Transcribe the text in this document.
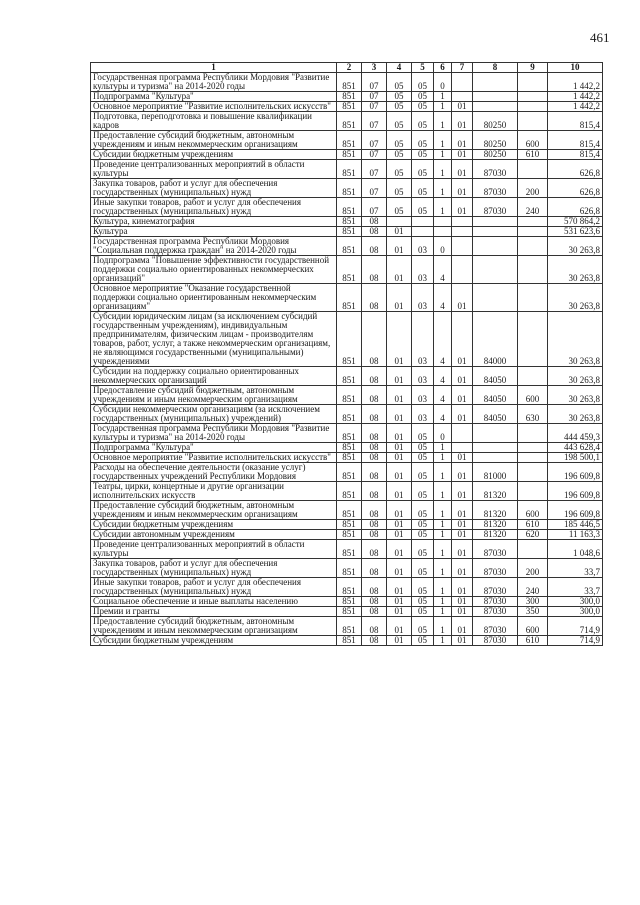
461
1	2	3	4	5	6	7	8	9	10
Государственная программа Республики Мордовия "Развитие культуры и туризма" на 2014-2020 годы	851	07	05	05	0				1 442,2
Подпрограмма "Культура"	851	07	05	05	1				1 442,2
Основное мероприятие "Развитие исполнительских искусств"	851	07	05	05	1	01			1 442,2
Подготовка, переподготовка и повышение квалификации кадров	851	07	05	05	1	01	80250		815,4
Предоставление субсидий бюджетным, автономным учреждениям и иным некоммерческим организациям	851	07	05	05	1	01	80250	600	815,4
Субсидии бюджетным учреждениям	851	07	05	05	1	01	80250	610	815,4
Проведение централизованных мероприятий в области культуры	851	07	05	05	1	01	87030		626,8
Закупка товаров, работ и услуг для обеспечения государственных (муниципальных) нужд	851	07	05	05	1	01	87030	200	626,8
Иные закупки товаров, работ и услуг для обеспечения государственных (муниципальных) нужд	851	07	05	05	1	01	87030	240	626,8
Культура, кинематография	851	08							570 864,2
Культура	851	08	01						531 623,6
Государственная программа Республики Мордовия "Социальная поддержка граждан" на 2014-2020 годы	851	08	01	03	0				30 263,8
Подпрограмма "Повышение эффективности государственной поддержки социально ориентированных некоммерческих организаций"	851	08	01	03	4				30 263,8
Основное мероприятие "Оказание государственной поддержки социально ориентированным некоммерческим организациям"	851	08	01	03	4	01			30 263,8
Субсидии юридическим лицам (за исключением субсидий государственным учреждениям), индивидуальным предпринимателям, физическим лицам - производителям товаров, работ, услуг, а также некоммерческим организациям, не являющимся государственными (муниципальными) учреждениями	851	08	01	03	4	01	84000		30 263,8
Субсидии на поддержку социально ориентированных некоммерческих организаций	851	08	01	03	4	01	84050		30 263,8
Предоставление субсидий бюджетным, автономным учреждениям и иным некоммерческим организациям	851	08	01	03	4	01	84050	600	30 263,8
Субсидии некоммерческим организациям (за исключением государственных (муниципальных) учреждений)	851	08	01	03	4	01	84050	630	30 263,8
Государственная программа Республики Мордовия "Развитие культуры и туризма" на 2014-2020 годы	851	08	01	05	0				444 459,3
Подпрограмма "Культура"	851	08	01	05	1				443 628,4
Основное мероприятие "Развитие исполнительских искусств"	851	08	01	05	1	01			198 500,1
Расходы на обеспечение деятельности (оказание услуг) государственных учреждений Республики Мордовия	851	08	01	05	1	01	81000		196 609,8
Театры, цирки, концертные и другие организации исполнительских искусств	851	08	01	05	1	01	81320		196 609,8
Предоставление субсидий бюджетным, автономным учреждениям и иным некоммерческим организациям	851	08	01	05	1	01	81320	600	196 609,8
Субсидии бюджетным учреждениям	851	08	01	05	1	01	81320	610	185 446,5
Субсидии автономным учреждениям	851	08	01	05	1	01	81320	620	11 163,3
Проведение централизованных мероприятий в области культуры	851	08	01	05	1	01	87030		1 048,6
Закупка товаров, работ и услуг для обеспечения государственных (муниципальных) нужд	851	08	01	05	1	01	87030	200	33,7
Иные закупки товаров, работ и услуг для обеспечения государственных (муниципальных) нужд	851	08	01	05	1	01	87030	240	33,7
Социальное обеспечение и иные выплаты населению	851	08	01	05	1	01	87030	300	300,0
Премии и гранты	851	08	01	05	1	01	87030	350	300,0
Предоставление субсидий бюджетным, автономным учреждениям и иным некоммерческим организациям	851	08	01	05	1	01	87030	600	714,9
Субсидии бюджетным учреждениям	851	08	01	05	1	01	87030	610	714,9
